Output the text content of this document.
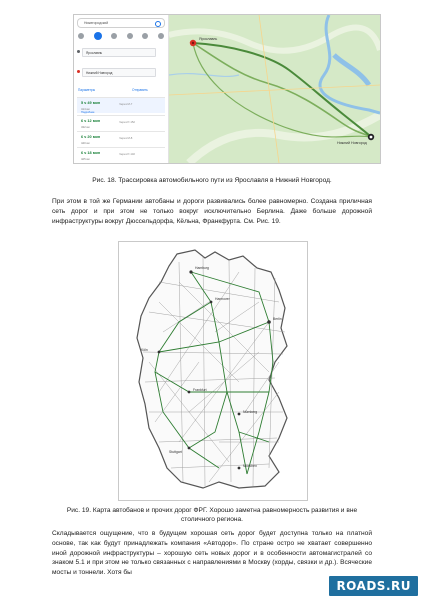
Нижегородский
Ярославль
Нижний Новгород
Параметры	Отправить
5 ч 49 мин	Через М-7
414 км
Подробнее
6 ч 12 мин	Через Р-152
432 км
6 ч 20 мин	Через М-8
440 км
6 ч 18 мин	Через Р-132
425 км
Ярославль
Нижний Новгород
Рис. 18. Трассировка автомобильного пути из Ярославля в Нижний Новгород.
При этом в той же Германии автобаны и дороги развивались более равномерно. Создана приличная сеть дорог и при этом не только вокруг исключительно Берлина. Даже больше дорожной инфраструктуры вокруг Дюссельдорфа, Кёльна, Франкфурта. См. Рис. 19.
Hamburg
Berlin
Hannover
Köln
Frankfurt
Nürnberg
Stuttgart
München
Рис. 19. Карта автобанов и прочих дорог ФРГ. Хорошо заметна равномерность развития и вне столичного региона.
Складывается ощущение, что в будущем хорошая сеть дорог будет доступна только на платной основе, так как будут принадлежать компания «Автодор». По стране остро не хватает совершенно иной дорожной инфраструктуры – хорошую сеть новых дорог и в особенности автомагистралей со знаком 5.1 и при этом не только связанных с направлениями в Москву (хорды, связки и др.). Всяческие мосты и тоннели. Хотя бы
ROADS.RU
